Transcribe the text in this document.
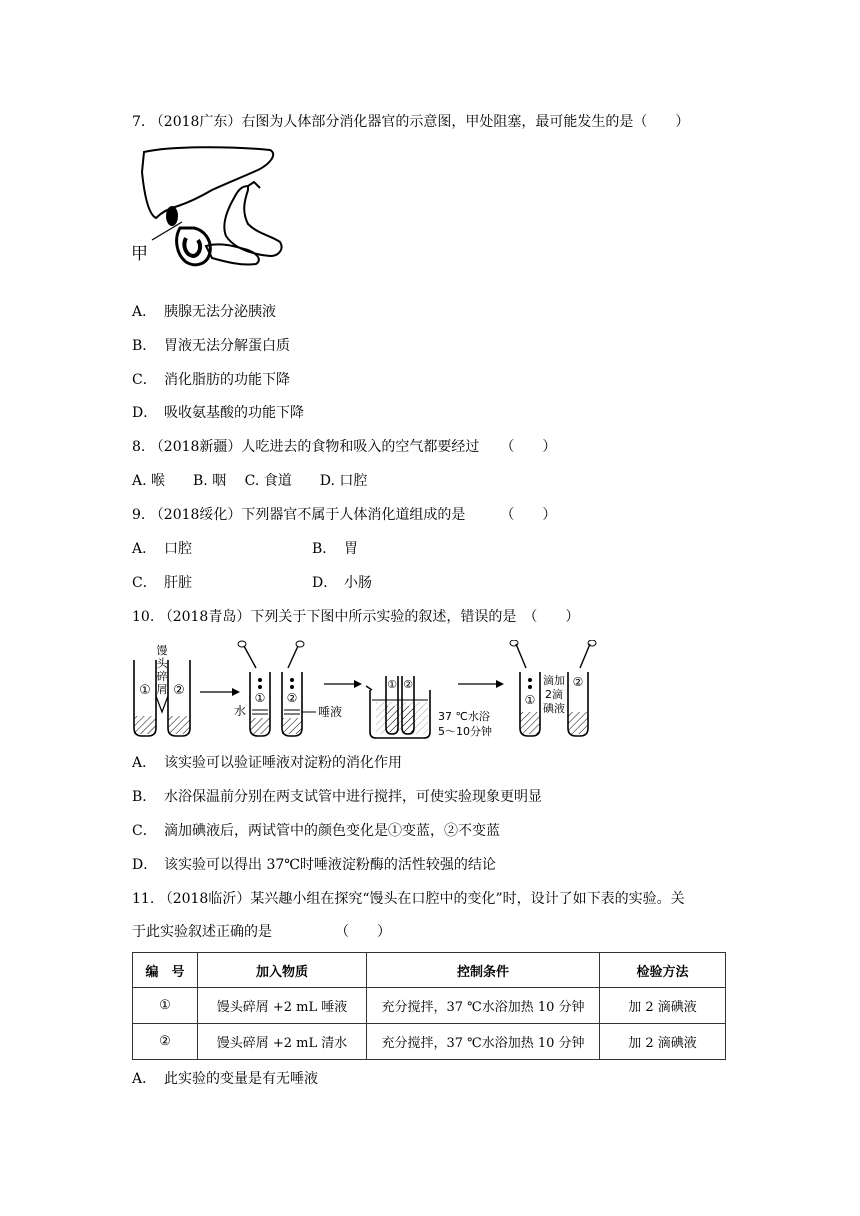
7. （2018广东）右图为人体部分消化器官的示意图，甲处阻塞，最可能发生的是（　　）
甲
A． 胰腺无法分泌胰液
B． 胃液无法分解蛋白质
C． 消化脂肪的功能下降
D． 吸收氨基酸的功能下降
8. （2018新疆）人吃进去的食物和吸入的空气都要经过　　（　　）
A. 喉　　B. 咽　 C. 食道　　D. 口腔
9. （2018绥化）下列器官不属于人体消化道组成的是　　　（　　）
A． 口腔	B． 胃
C． 肝脏	D． 小肠
10. （2018青岛）下列关于下图中所示实验的叙述，错误的是　（　　）
① ②
馒
头
碎
屑
① ②
水	唾液
① ②
37 ℃水浴
5～10分钟
①
②
滴加
2滴
碘液
A． 该实验可以验证唾液对淀粉的消化作用
B． 水浴保温前分别在两支试管中进行搅拌，可使实验现象更明显
C． 滴加碘液后，两试管中的颜色变化是①变蓝，②不变蓝
D． 该实验可以得出 37℃时唾液淀粉酶的活性较强的结论
11. （2018临沂）某兴趣小组在探究“馒头在口腔中的变化”时，设计了如下表的实验。关
于此实验叙述正确的是　　　　　（　　）
编　号	加入物质	控制条件	检验方法
①	馒头碎屑 +2 mL 唾液	充分搅拌，37 ℃水浴加热 10 分钟	加 2 滴碘液
②	馒头碎屑 +2 mL 清水	充分搅拌，37 ℃水浴加热 10 分钟	加 2 滴碘液
A． 此实验的变量是有无唾液
